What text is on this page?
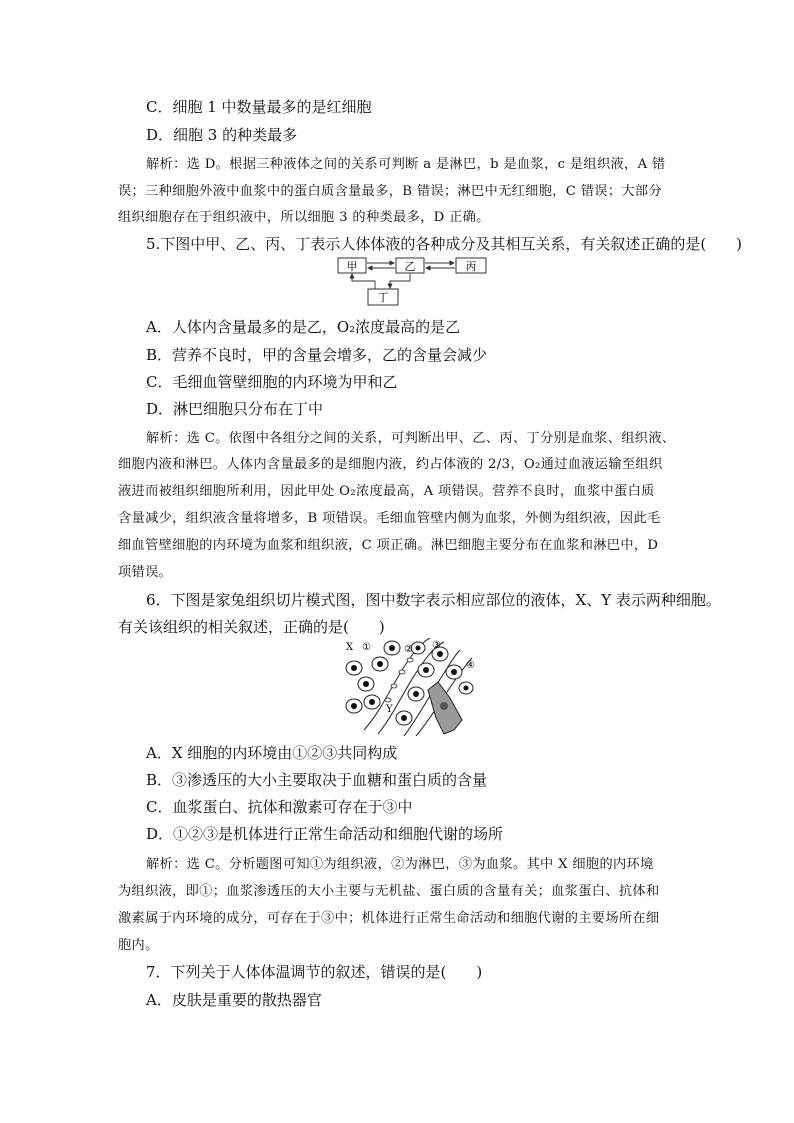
C．细胞 1 中数量最多的是红细胞
D．细胞 3 的种类最多
解析：选 D。根据三种液体之间的关系可判断 a 是淋巴，b 是血浆，c 是组织液，A 错
误；三种细胞外液中血浆中的蛋白质含量最多，B 错误；淋巴中无红细胞，C 错误；大部分
组织细胞存在于组织液中，所以细胞 3 的种类最多，D 正确。
5.下图中甲、乙、丙、丁表示人体体液的各种成分及其相互关系，有关叙述正确的是(　　)
甲	乙	丙
丁
A．人体内含量最多的是乙，O₂浓度最高的是乙
B．营养不良时，甲的含量会增多，乙的含量会减少
C．毛细血管壁细胞的内环境为甲和乙
D．淋巴细胞只分布在丁中
解析：选 C。依图中各组分之间的关系，可判断出甲、乙、丙、丁分别是血浆、组织液、
细胞内液和淋巴。人体内含量最多的是细胞内液，约占体液的 2/3，O₂通过血液运输至组织
液进而被组织细胞所利用，因此甲处 O₂浓度最高，A 项错误。营养不良时，血浆中蛋白质
含量减少，组织液含量将增多，B 项错误。毛细血管壁内侧为血浆，外侧为组织液，因此毛
细血管壁细胞的内环境为血浆和组织液，C 项正确。淋巴细胞主要分布在血浆和淋巴中，D
项错误。
6．下图是家兔组织切片模式图，图中数字表示相应部位的液体，X、Y 表示两种细胞。
有关该组织的相关叙述，正确的是(　　)
X ①	② ③
④
Y
A．X 细胞的内环境由①②③共同构成
B．③渗透压的大小主要取决于血糖和蛋白质的含量
C．血浆蛋白、抗体和激素可存在于③中
D．①②③是机体进行正常生命活动和细胞代谢的场所
解析：选 C。分析题图可知①为组织液，②为淋巴，③为血浆。其中 X 细胞的内环境
为组织液，即①；血浆渗透压的大小主要与无机盐、蛋白质的含量有关；血浆蛋白、抗体和
激素属于内环境的成分，可存在于③中；机体进行正常生命活动和细胞代谢的主要场所在细
胞内。
7．下列关于人体体温调节的叙述，错误的是(　　)
A．皮肤是重要的散热器官
